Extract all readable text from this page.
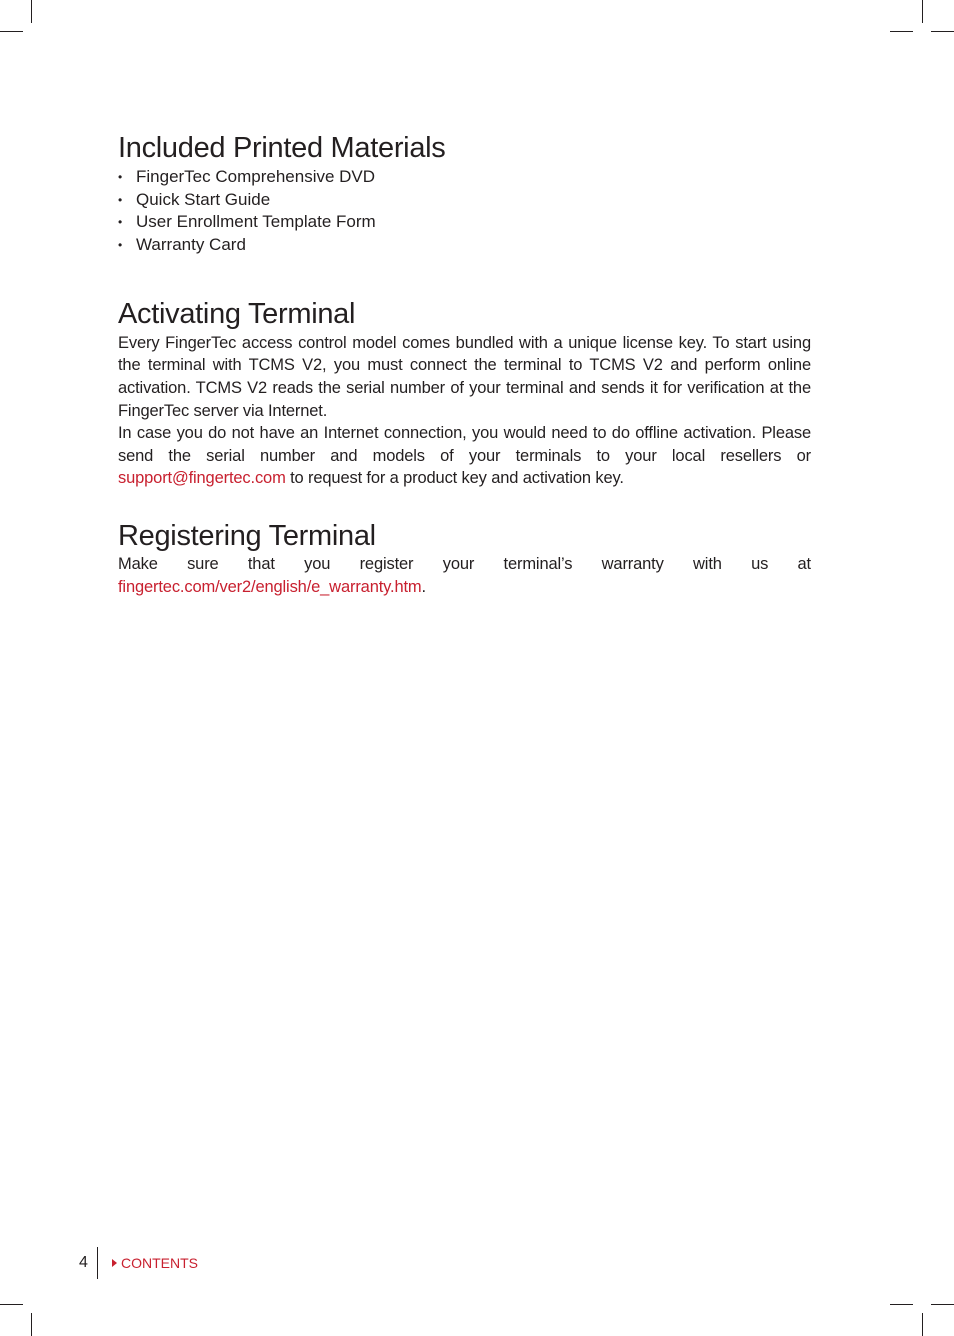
Included Printed Materials
• FingerTec Comprehensive DVD
• Quick Start Guide
• User Enrollment Template Form
• Warranty Card
Activating Terminal

Every FingerTec access control model comes bundled with a unique license key. To start using the terminal with TCMS V2, you must connect the terminal to TCMS V2 and perform online activation. TCMS V2 reads the serial number of your terminal and sends it for verification at the FingerTec server via Internet.

In case you do not have an Internet connection, you would need to do offline activation. Please send the serial number and models of your terminals to your local resellers or support@fingertec.com to request for a product key and activation key.

Registering Terminal

Make sure that you register your terminal’s warranty with us at fingertec.com/ver2/english/e_warranty.htm.

4	CONTENTS
